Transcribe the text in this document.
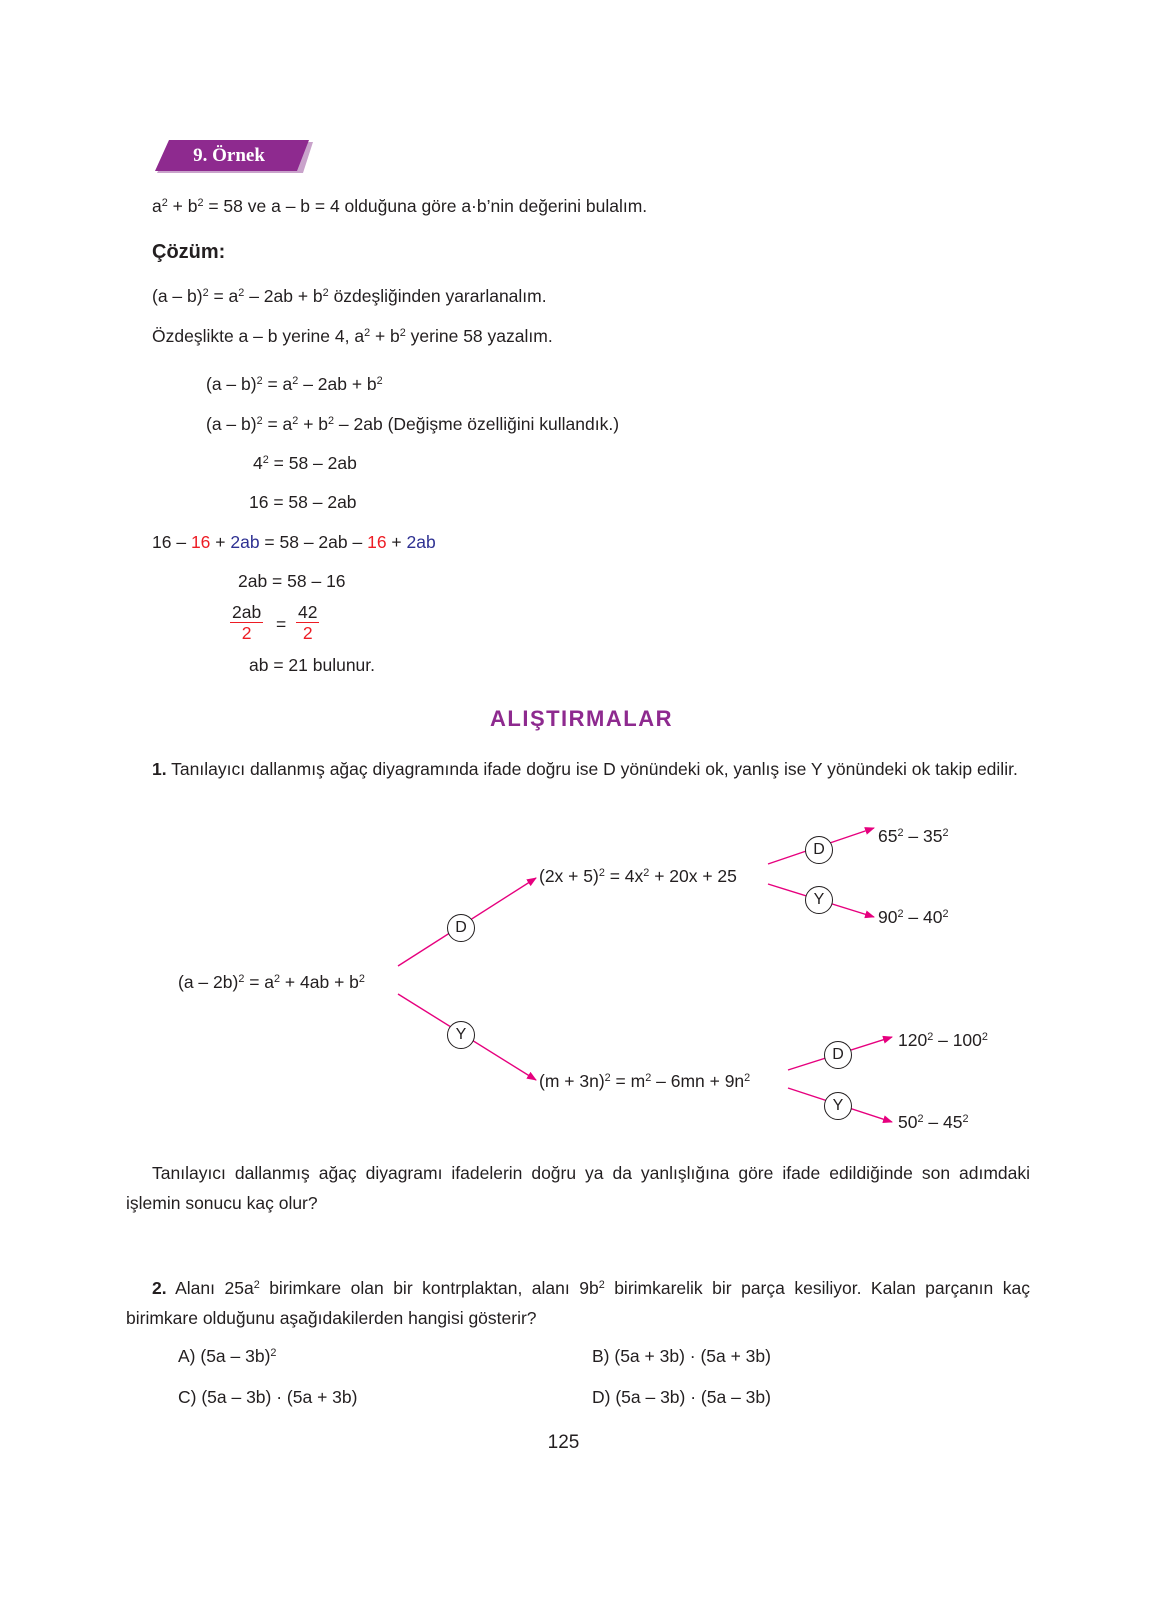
9. Örnek
$a^2 + b^2 = 58$ ve a – b = 4 olduğuna göre a·b’nin değerini bulalım.
Çözüm:
$(a - b)^2 = a^2 - 2ab + b^2$ özdeşliğinden yararlanalım.
Özdeşlikte a – b yerine 4, $a^2 + b^2$ yerine 58 yazalım.
$(a - b)^2 = a^2 - 2ab + b^2$
$(a - b)^2 = a^2 + b^2 - 2ab$ (Değişme özelliğini kullandık.)
$4^2 = 58 - 2ab$
16 = 58 – 2ab
16 – 16 + 2ab = 58 – 2ab – 16 + 2ab
2ab = 58 – 16
$\frac{2ab}{2} = \frac{42}{2}$
ab = 21 bulunur.
ALIŞTIRMALAR
1. Tanılayıcı dallanmış ağaç diyagramında ifade doğru ise D yönündeki ok, yanlış ise Y yönündeki ok takip edilir.
D
Y
D
Y
D
Y
$(a - 2b)^2 = a^2 + 4ab + b^2$
$(2x + 5)^2 = 4x^2 + 20x + 25$
$(m + 3n)^2 = m^2 - 6mn + 9n^2$
$65^2 - 35^2$
$90^2 - 40^2$
$120^2 - 100^2$
$50^2 - 45^2$
Tanılayıcı dallanmış ağaç diyagramı ifadelerin doğru ya da yanlışlığına göre ifade edildiğinde son adımdaki işlemin sonucu kaç olur?
2. Alanı $25a^2$ birimkare olan bir kontrplaktan, alanı $9b^2$ birimkarelik bir parça kesiliyor. Kalan parçanın kaç birimkare olduğunu aşağıdakilerden hangisi gösterir?
A) (5a – 3b)$^2$	B) (5a + 3b) · (5a + 3b)
C) (5a – 3b) · (5a + 3b)	D) (5a – 3b) · (5a – 3b)
125
